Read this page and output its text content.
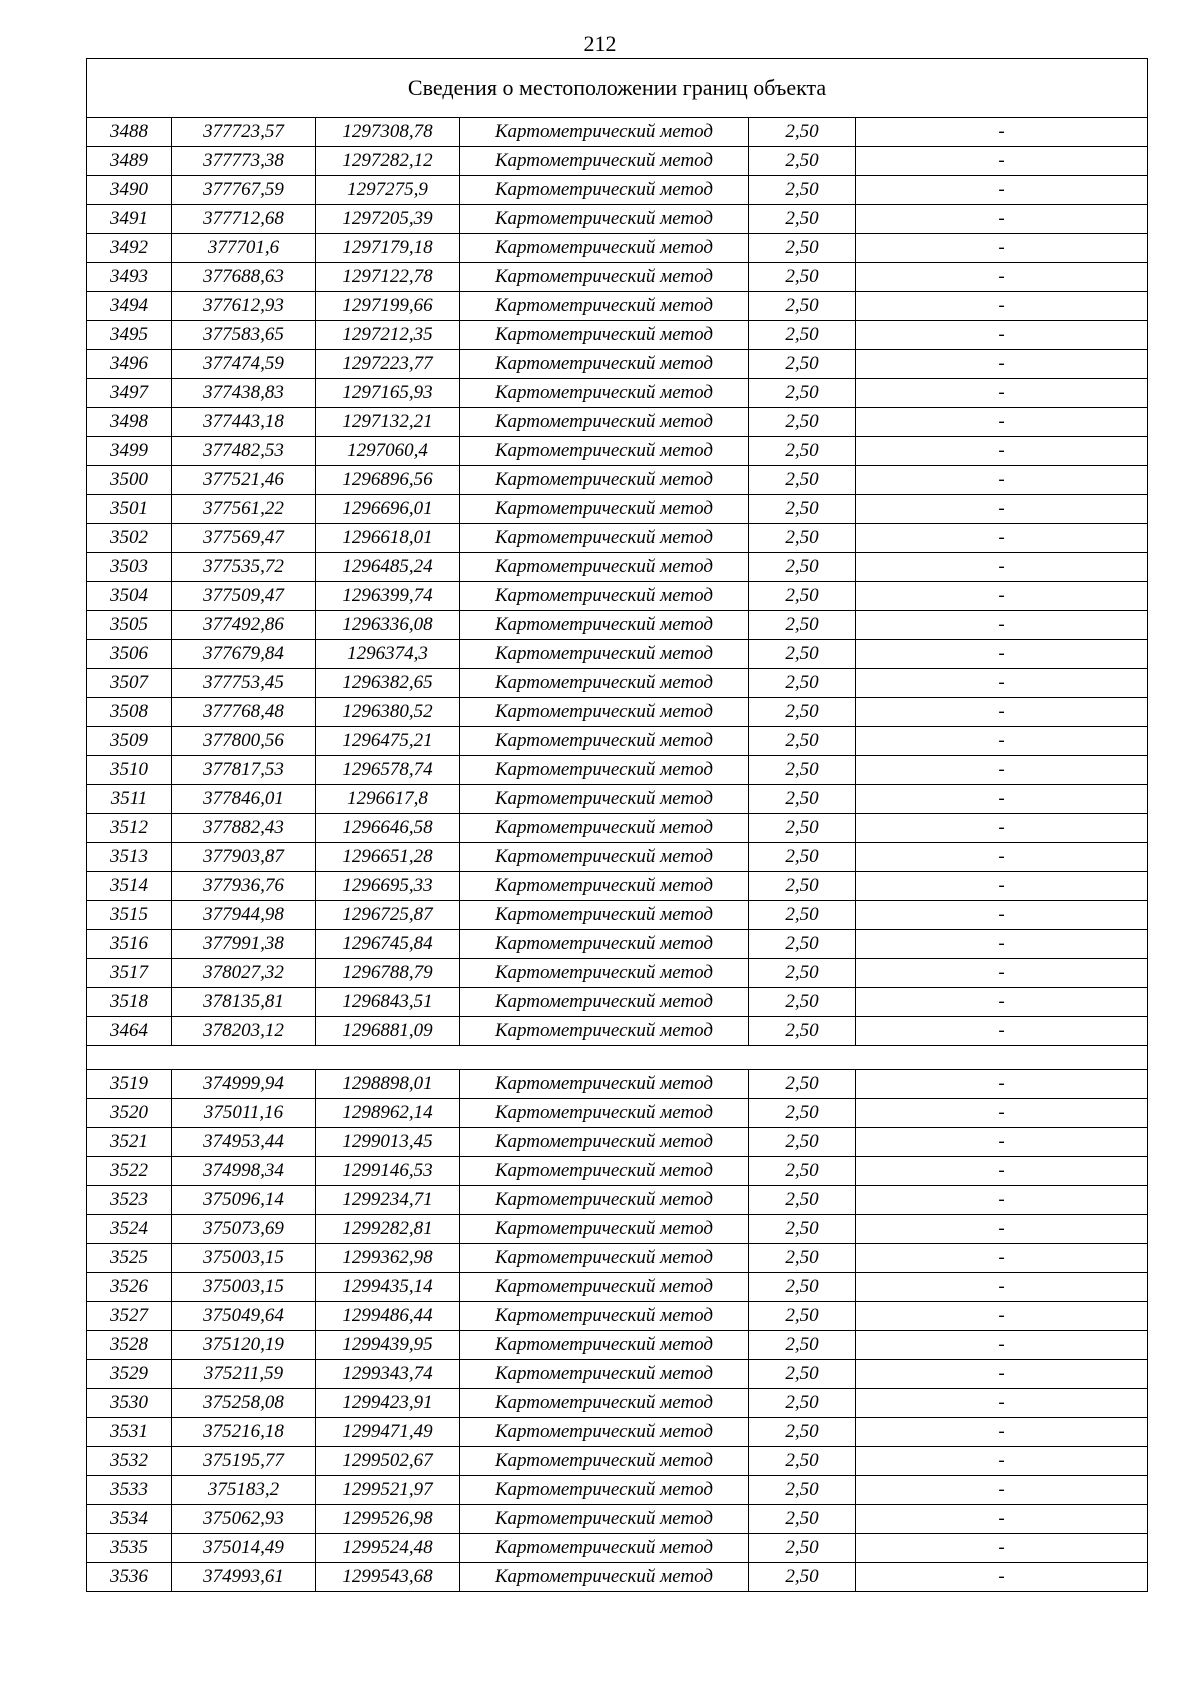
212
Сведения о местоположении границ объекта					
3488	377723,57	1297308,78	Картометрический метод	2,50	-
3489	377773,38	1297282,12	Картометрический метод	2,50	-
3490	377767,59	1297275,9	Картометрический метод	2,50	-
3491	377712,68	1297205,39	Картометрический метод	2,50	-
3492	377701,6	1297179,18	Картометрический метод	2,50	-
3493	377688,63	1297122,78	Картометрический метод	2,50	-
3494	377612,93	1297199,66	Картометрический метод	2,50	-
3495	377583,65	1297212,35	Картометрический метод	2,50	-
3496	377474,59	1297223,77	Картометрический метод	2,50	-
3497	377438,83	1297165,93	Картометрический метод	2,50	-
3498	377443,18	1297132,21	Картометрический метод	2,50	-
3499	377482,53	1297060,4	Картометрический метод	2,50	-
3500	377521,46	1296896,56	Картометрический метод	2,50	-
3501	377561,22	1296696,01	Картометрический метод	2,50	-
3502	377569,47	1296618,01	Картометрический метод	2,50	-
3503	377535,72	1296485,24	Картометрический метод	2,50	-
3504	377509,47	1296399,74	Картометрический метод	2,50	-
3505	377492,86	1296336,08	Картометрический метод	2,50	-
3506	377679,84	1296374,3	Картометрический метод	2,50	-
3507	377753,45	1296382,65	Картометрический метод	2,50	-
3508	377768,48	1296380,52	Картометрический метод	2,50	-
3509	377800,56	1296475,21	Картометрический метод	2,50	-
3510	377817,53	1296578,74	Картометрический метод	2,50	-
3511	377846,01	1296617,8	Картометрический метод	2,50	-
3512	377882,43	1296646,58	Картометрический метод	2,50	-
3513	377903,87	1296651,28	Картометрический метод	2,50	-
3514	377936,76	1296695,33	Картометрический метод	2,50	-
3515	377944,98	1296725,87	Картометрический метод	2,50	-
3516	377991,38	1296745,84	Картометрический метод	2,50	-
3517	378027,32	1296788,79	Картометрический метод	2,50	-
3518	378135,81	1296843,51	Картометрический метод	2,50	-
3464	378203,12	1296881,09	Картометрический метод	2,50	-

3519	374999,94	1298898,01	Картометрический метод	2,50	-
3520	375011,16	1298962,14	Картометрический метод	2,50	-
3521	374953,44	1299013,45	Картометрический метод	2,50	-
3522	374998,34	1299146,53	Картометрический метод	2,50	-
3523	375096,14	1299234,71	Картометрический метод	2,50	-
3524	375073,69	1299282,81	Картометрический метод	2,50	-
3525	375003,15	1299362,98	Картометрический метод	2,50	-
3526	375003,15	1299435,14	Картометрический метод	2,50	-
3527	375049,64	1299486,44	Картометрический метод	2,50	-
3528	375120,19	1299439,95	Картометрический метод	2,50	-
3529	375211,59	1299343,74	Картометрический метод	2,50	-
3530	375258,08	1299423,91	Картометрический метод	2,50	-
3531	375216,18	1299471,49	Картометрический метод	2,50	-
3532	375195,77	1299502,67	Картометрический метод	2,50	-
3533	375183,2	1299521,97	Картометрический метод	2,50	-
3534	375062,93	1299526,98	Картометрический метод	2,50	-
3535	375014,49	1299524,48	Картометрический метод	2,50	-
3536	374993,61	1299543,68	Картометрический метод	2,50	-
